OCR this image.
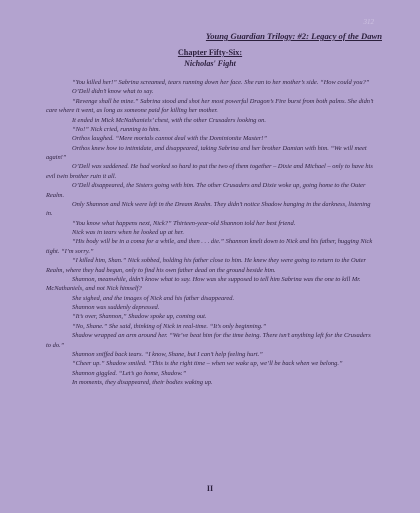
312
Young Guardian Trilogy: #2: Legacy of the Dawn
Chapter Fifty-Six:
Nicholas' Fight

“You killed her!” Sabrina screamed, tears running down her face. She ran to her mother’s side. “How could you?”

O’Dell didn’t know what to say.

“Revenge shall be mine.” Sabrina stood and shot her most powerful Dragon’s Fire burst from both palms. She didn’t care where it went, as long as someone paid for killing her mother.

It ended in Mick McNathaniels’ chest, with the other Crusaders looking on.

“No!” Nick cried, running to him.

Orthos laughed. “Mere mortals cannot deal with the Dominionite Master!”

Orthos knew how to intimidate, and disappeared, taking Sabrina and her brother Damian with him. “We will meet again!”

O’Dell was saddened. He had worked so hard to put the two of them together – Dixie and Michael – only to have his evil twin brother ruin it all.

O’Dell disappeared, the Sisters going with him. The other Crusaders and Dixie woke up, going home to the Outer Realm.

Only Shannon and Nick were left in the Dream Realm. They didn’t notice Shadow hanging in the darkness, listening in.

“You know what happens next, Nick?” Thirteen-year-old Shannon told her best friend.

Nick was in tears when he looked up at her.

“His body will be in a coma for a while, and then . . . die.” Shannon knelt down to Nick and his father, hugging Nick tight. “I’m sorry.”

“I killed him, Shan.” Nick sobbed, holding his father close to him. He knew they were going to return to the Outer Realm, where they had begun, only to find his own father dead on the ground beside him.

Shannon, meanwhile, didn’t know what to say. How was she supposed to tell him Sabrina was the one to kill Mr. McNathaniels, and not Nick himself?

She sighed, and the images of Nick and his father disappeared.

Shannon was suddenly depressed.

“It’s over, Shannon,” Shadow spoke up, coming out.

“No, Shane.” She said, thinking of Nick in real-time. “It’s only beginning.”

Shadow wrapped an arm around her. “We’ve beat him for the time being. There isn’t anything left for the Crusaders to do.”

Shannon sniffed back tears. “I know, Shane, but I can’t help feeling hurt.”

“Cheer up.” Shadow smiled. “This is the right time – when we wake up, we’ll be back when we belong.”

Shannon giggled. “Let’s go home, Shadow.”

In moments, they disappeared, their bodies waking up.

II
